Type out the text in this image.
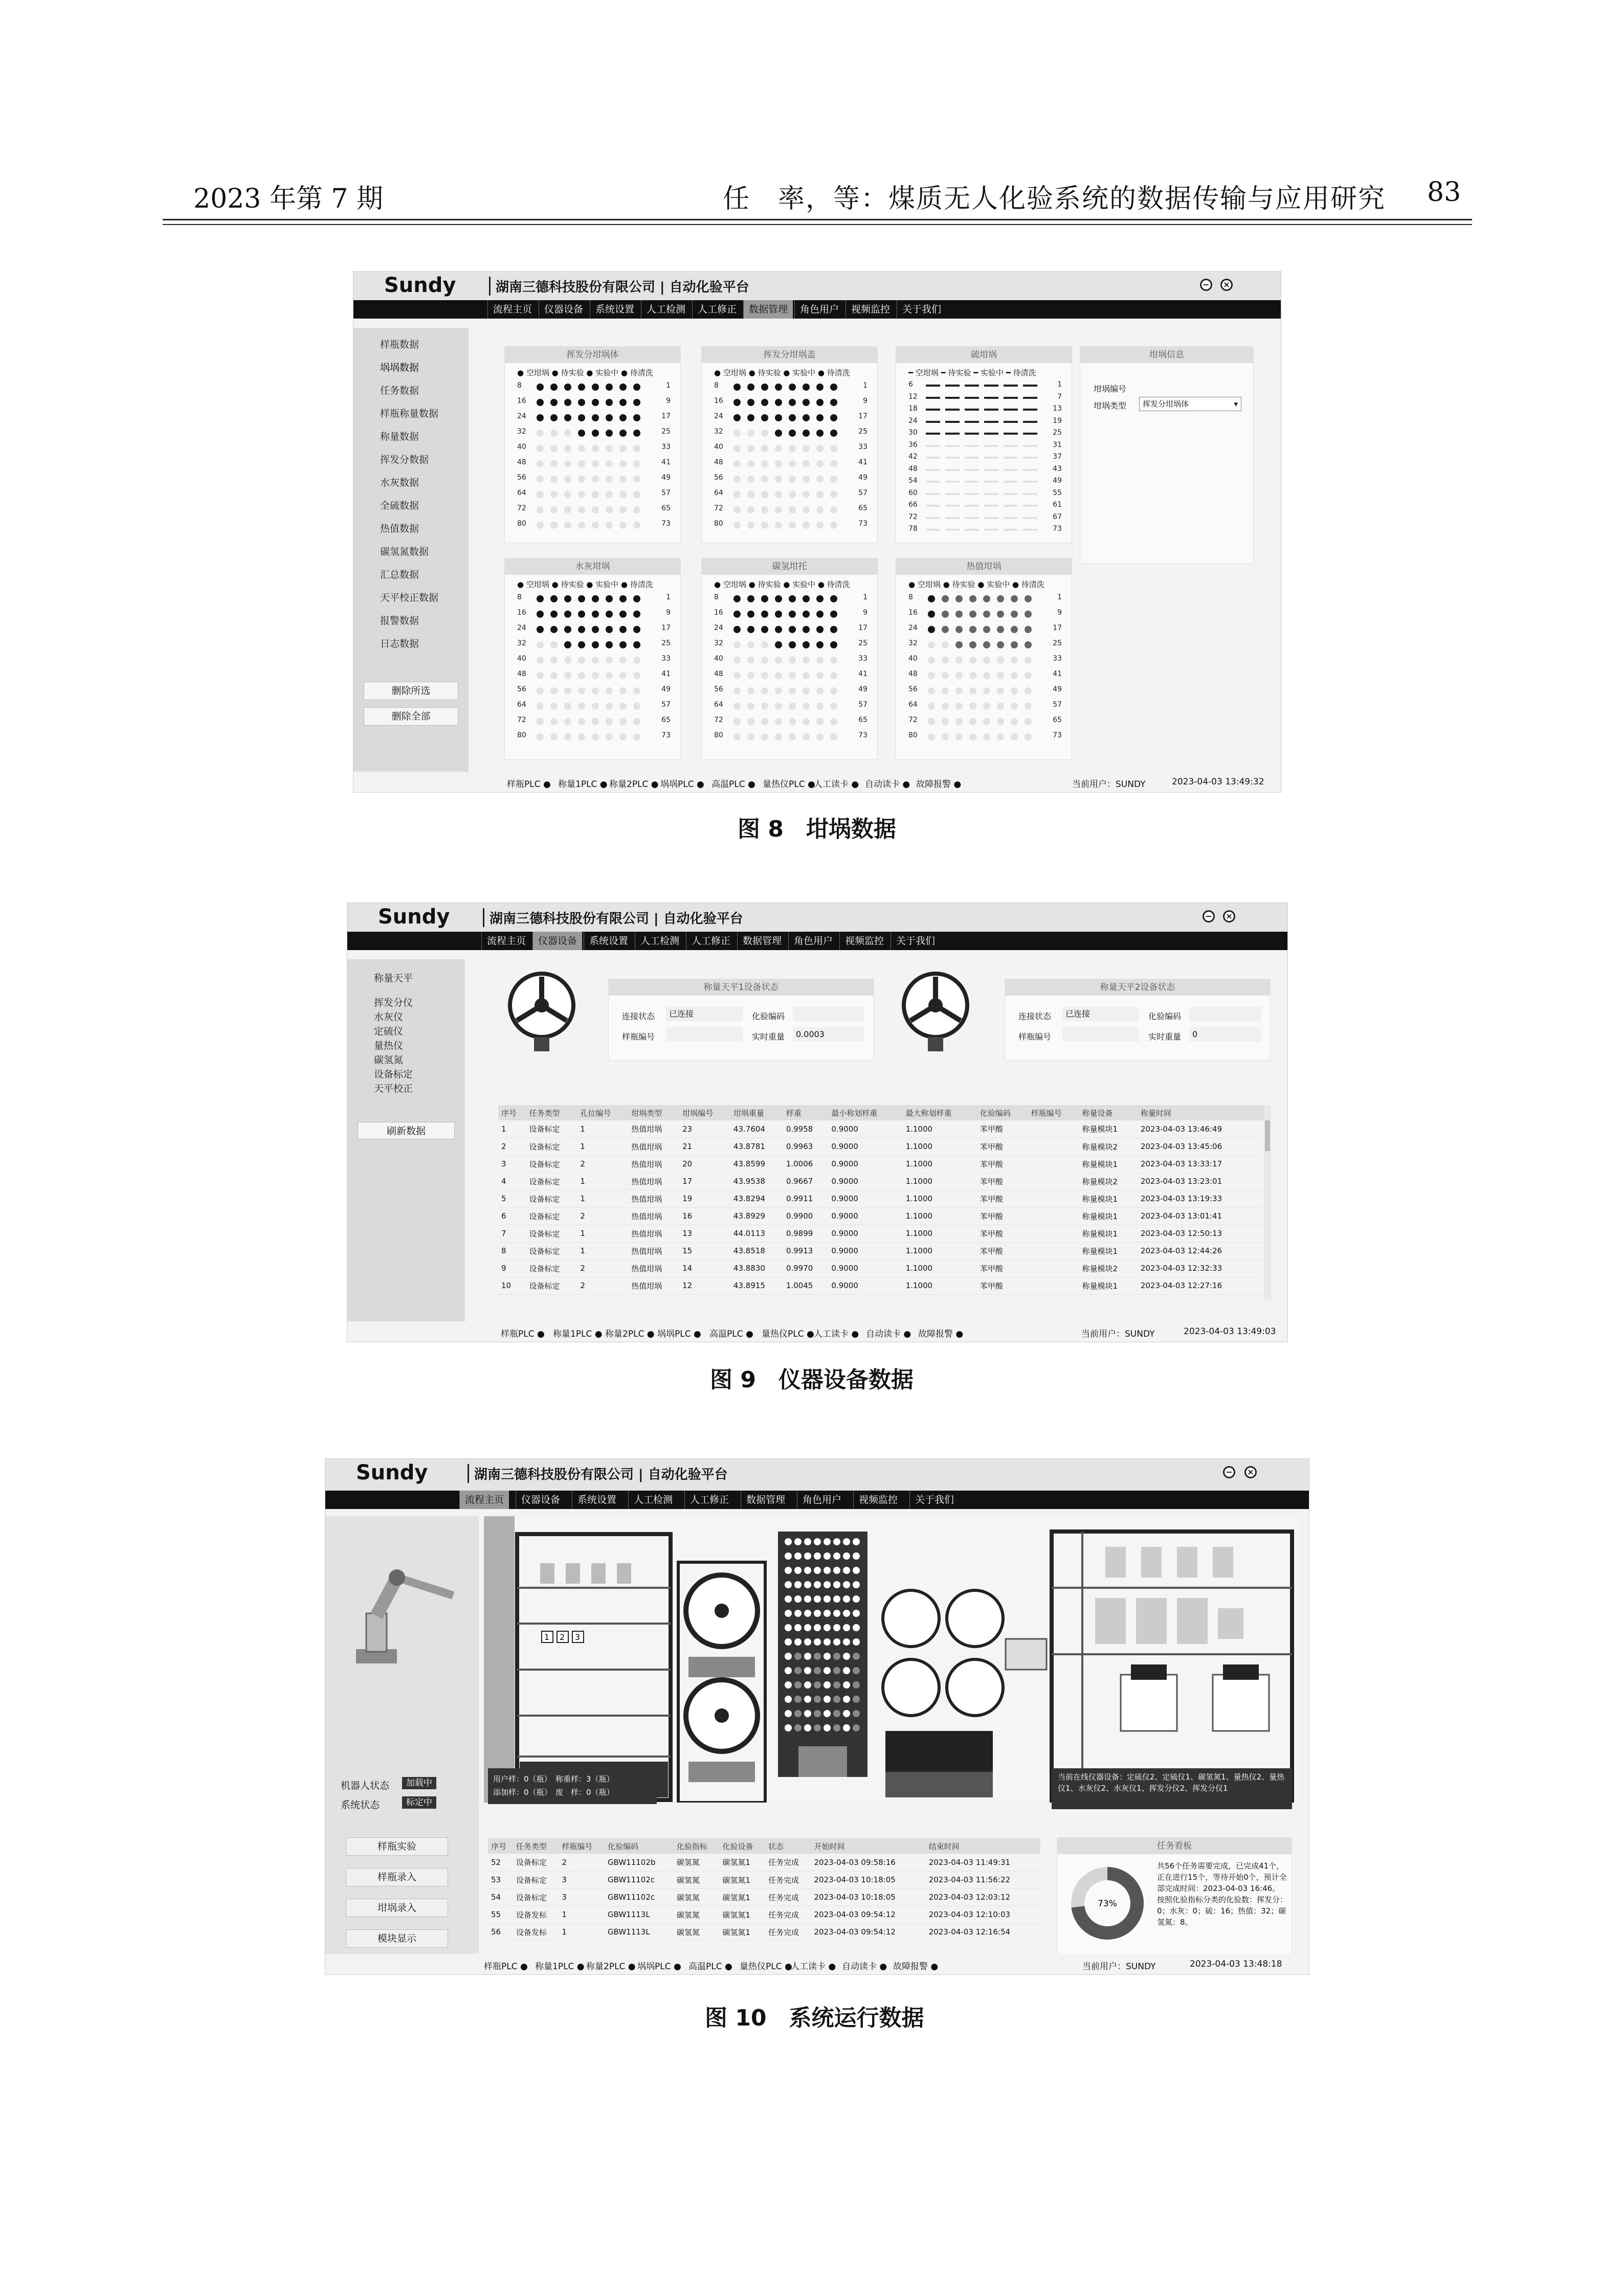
2023 年第 7 期	任　率，等：煤质无人化验系统的数据传输与应用研究 83
Sundy	湖南三德科技股份有限公司 | 自动化验平台	−	×
流程主页	仪器设备	系统设置	人工检测	人工修正	数据管理	角色用户	视频监控	关于我们
样瓶数据
埚埚数据
任务数据
样瓶称量数据
称量数据
挥发分数据
水灰数据
全硫数据
热值数据
碳氢氮数据
汇总数据
天平校正数据
报警数据
日志数据
删除所选
删除全部
挥发分坩埚体
● 空坩埚 ● 待实验 ● 实验中 ● 待清洗
8	1
16	9
24	17
32	25
40	33
48	41
56	49
64	57
72	65
80	73
挥发分坩埚盖
● 空坩埚 ● 待实验 ● 实验中 ● 待清洗
8	1
16	9
24	17
32	25
40	33
48	41
56	49
64	57
72	65
80	73
硫坩埚
━ 空坩埚 ━ 待实验 ━ 实验中 ━ 待清洗
6	1
12	7
18	13
24	19
30	25
36	31
42	37
48	43
54	49
60	55
66	61
72	67
78	73
水灰坩埚
● 空坩埚 ● 待实验 ● 实验中 ● 待清洗
8	1
16	9
24	17
32	25
40	33
48	41
56	49
64	57
72	65
80	73
碳氢坩托
● 空坩埚 ● 待实验 ● 实验中 ● 待清洗
8	1
16	9
24	17
32	25
40	33
48	41
56	49
64	57
72	65
80	73
热值坩埚
● 空坩埚 ● 待实验 ● 实验中 ● 待清洗
8	1
16	9
24	17
32	25
40	33
48	41
56	49
64	57
72	65
80	73
坩埚信息
坩埚编号
坩埚类型	挥发分坩埚体	▾
当前用户：SUNDY	2023-04-03 13:49:32
样瓶PLC ● 称量1PLC ● 称量2PLC ● 埚埚PLC ● 高温PLC ● 量热仪PLC ●
人工读卡 ● 自动读卡 ● 故障报警 ●
图 8　坩埚数据
Sundy	湖南三德科技股份有限公司 | 自动化验平台	−	×
流程主页	仪器设备	系统设置	人工检测	人工修正	数据管理	角色用户	视频监控	关于我们
称量天平
挥发分仪
水灰仪
定硫仪
量热仪
碳氢氮
设备标定
天平校正
刷新数据
称量天平1设备状态
连接状态	已连接	化验编码
样瓶编号	实时重量	0.0003
称量天平2设备状态
连接状态	已连接	化验编码
样瓶编号	实时重量	0
序号	任务类型	孔位编号	坩埚类型	坩埚编号	坩埚重量	样重	最小称划样重	最大称划样重	化验编码	样瓶编号	称量设备	称量时间
1	设备标定	1	热值坩埚	23	43.7604	0.9958	0.9000	1.1000	苯甲酸		称量模块1	2023-04-03 13:46:49
2	设备标定	1	热值坩埚	21	43.8781	0.9963	0.9000	1.1000	苯甲酸		称量模块2	2023-04-03 13:45:06
3	设备标定	2	热值坩埚	20	43.8599	1.0006	0.9000	1.1000	苯甲酸		称量模块1	2023-04-03 13:33:17
4	设备标定	1	热值坩埚	17	43.9538	0.9667	0.9000	1.1000	苯甲酸		称量模块2	2023-04-03 13:23:01
5	设备标定	1	热值坩埚	19	43.8294	0.9911	0.9000	1.1000	苯甲酸		称量模块1	2023-04-03 13:19:33
6	设备标定	2	热值坩埚	16	43.8929	0.9900	0.9000	1.1000	苯甲酸		称量模块1	2023-04-03 13:01:41
7	设备标定	1	热值坩埚	13	44.0113	0.9899	0.9000	1.1000	苯甲酸		称量模块1	2023-04-03 12:50:13
8	设备标定	1	热值坩埚	15	43.8518	0.9913	0.9000	1.1000	苯甲酸		称量模块1	2023-04-03 12:44:26
9	设备标定	2	热值坩埚	14	43.8830	0.9970	0.9000	1.1000	苯甲酸		称量模块2	2023-04-03 12:32:33
10	设备标定	2	热值坩埚	12	43.8915	1.0045	0.9000	1.1000	苯甲酸		称量模块1	2023-04-03 12:27:16
当前用户：SUNDY	2023-04-03 13:49:03
样瓶PLC ● 称量1PLC ● 称量2PLC ● 埚埚PLC ● 高温PLC ● 量热仪PLC ● 人工读卡 ● 自动读卡 ● 故障报警 ●
图 9　仪器设备数据
Sundy	湖南三德科技股份有限公司 | 自动化验平台	−	×
流程主页	仪器设备	系统设置	人工检测	人工修正	数据管理	角色用户	视频监控	关于我们
机器人状态	加载中
系统状态	标定中
样瓶实验
样瓶录入
坩埚录入
模块显示
1 2 3
用户样：0（瓶）　称重样：3（瓶）
添加样：0（瓶）　废　样：0（瓶）
当前在线仪器设备：定硫仪2、定硫仪1、碳氢氮1、量热仪2、量热仪1、水灰仪2、水灰仪1、挥发分仪2、挥发分仪1
序号	任务类型	样瓶编号	化验编码	化验指标	化验设备	状态	开始时间	结束时间
52	设备标定	2	GBW11102b	碳氢氮	碳氢氮1	任务完成	2023-04-03 09:58:16	2023-04-03 11:49:31
53	设备标定	3	GBW11102c	碳氢氮	碳氢氮1	任务完成	2023-04-03 10:18:05	2023-04-03 11:56:22
54	设备标定	3	GBW11102c	碳氢氮	碳氢氮1	任务完成	2023-04-03 10:18:05	2023-04-03 12:03:12
55	设备发标	1	GBW1113L	碳氢氮	碳氢氮1	任务完成	2023-04-03 09:54:12	2023-04-03 12:10:03
56	设备发标	1	GBW1113L	碳氢氮	碳氢氮1	任务完成	2023-04-03 09:54:12	2023-04-03 12:16:54
任务看板
73%
共56个任务需要完成，已完成41个，正在进行15个，等待开始0个，预计全部完成时间：2023-04-03 16:46。按照化验指标分类的化验数：挥发分：0；水灰：0；硫：16；热值：32；碳氢氮：8。
当前用户：SUNDY	2023-04-03 13:48:18
样瓶PLC ● 称量1PLC ● 称量2PLC ● 埚埚PLC ● 高温PLC ● 量热仪PLC ●
人工读卡 ● 自动读卡 ● 故障报警 ●
图 10　系统运行数据
